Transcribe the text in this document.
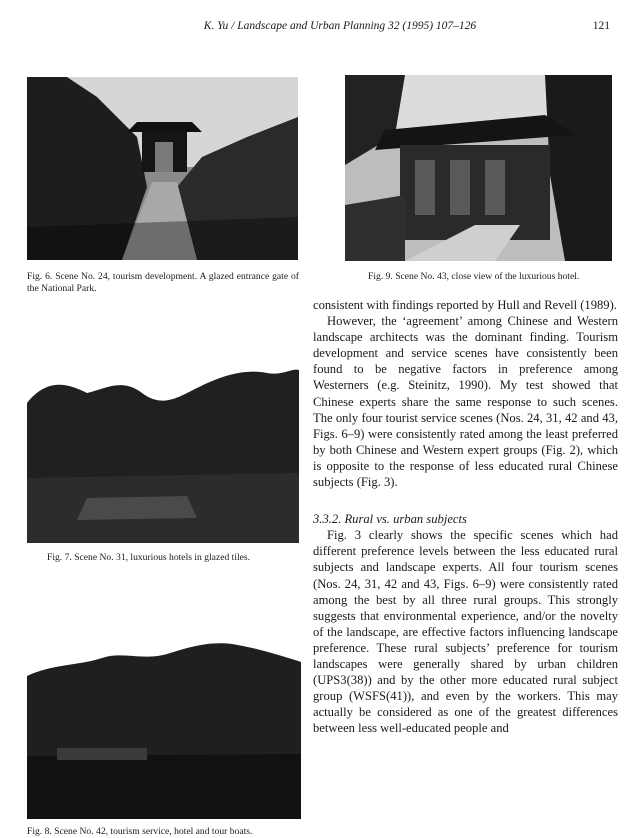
K. Yu / Landscape and Urban Planning 32 (1995) 107–126	121
Fig. 6. Scene No. 24, tourism development. A glazed entrance gate of the National Park.
Fig. 7. Scene No. 31, luxurious hotels in glazed tiles.
Fig. 8. Scene No. 42, tourism service, hotel and tour boats.
Fig. 9. Scene No. 43, close view of the luxurious hotel.

consistent with findings reported by Hull and Revell (1989).

However, the ‘agreement’ among Chinese and Western landscape architects was the dominant finding. Tourism development and service scenes have consistently been found to be negative factors in preference among Westerners (e.g. Steinitz, 1990). My test showed that Chinese experts share the same response to such scenes. The only four tourist service scenes (Nos. 24, 31, 42 and 43, Figs. 6–9) were consistently rated among the least preferred by both Chinese and Western expert groups (Fig. 2), which is opposite to the response of less educated rural Chinese subjects (Fig. 3).

3.3.2. Rural vs. urban subjects

Fig. 3 clearly shows the specific scenes which had different preference levels between the less educated rural subjects and landscape experts. All four tourism scenes (Nos. 24, 31, 42 and 43, Figs. 6–9) were consistently rated among the best by all three rural groups. This strongly suggests that environmental experience, and/or the novelty of the landscape, are effective factors influencing landscape preference. These rural subjects’ preference for tourism landscapes were generally shared by urban children (UPS3(38)) and by the other more educated rural subject group (WSFS(41)), and even by the workers. This may actually be considered as one of the greatest differences between less well-educated people and
